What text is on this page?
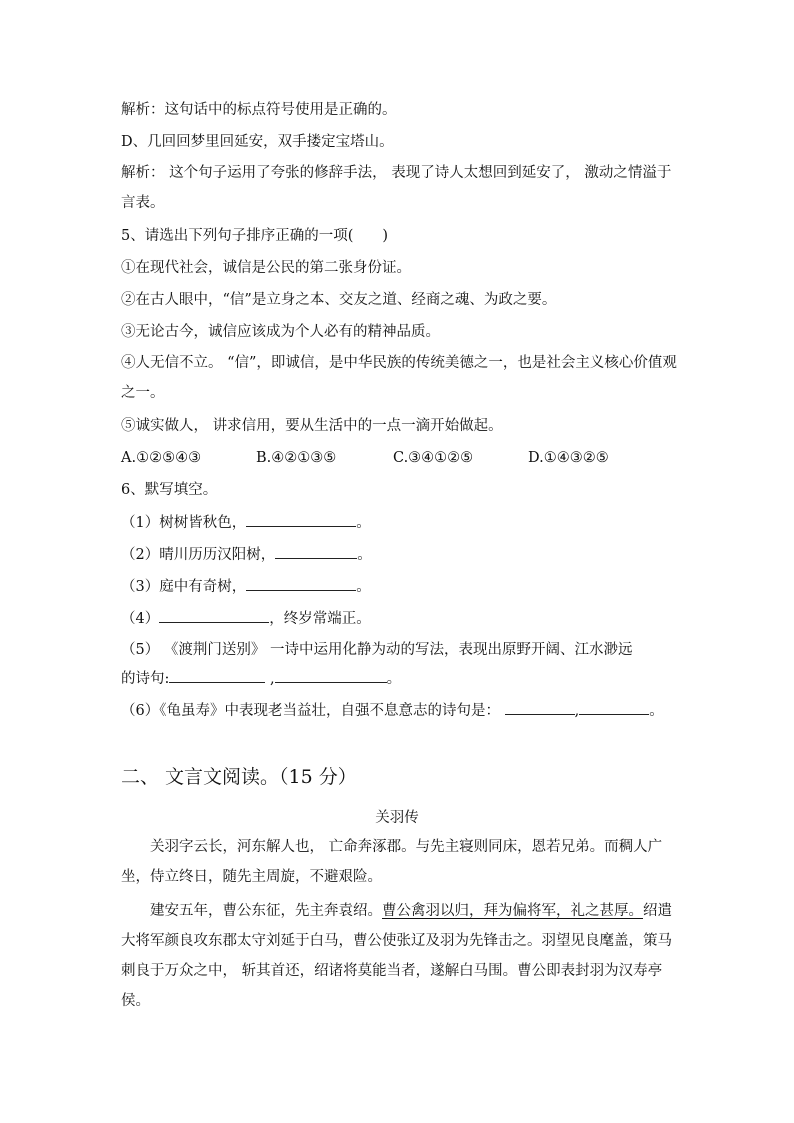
解析：这句话中的标点符号使用是正确的。
D、几回回梦里回延安，双手搂定宝塔山。
解析： 这个句子运用了夸张的修辞手法， 表现了诗人太想回到延安了， 激动之情溢于言表。
5、请选出下列句子排序正确的一项(　　)
①在现代社会，诚信是公民的第二张身份证。
②在古人眼中，“信”是立身之本、交友之道、经商之魂、为政之要。
③无论古今，诚信应该成为个人必有的精神品质。
④人无信不立。 “信”，即诚信，是中华民族的传统美德之一，也是社会主义核心价值观之一。
⑤诚实做人， 讲求信用，要从生活中的一点一滴开始做起。
A.①②⑤④③	B.④②①③⑤	C.③④①②⑤	D.①④③②⑤
6、默写填空。
（1）树树皆秋色，	。
（2）晴川历历汉阳树，	。
（3）庭中有奇树，	。
（4）	，终岁常端正。
（5） 《渡荆门送别》 一诗中运用化静为动的写法，表现出原野开阔、江水渺远
的诗句:	,	。
（6）《龟虽寿》中表现老当益壮，自强不息意志的诗句是：	,	。
二、 文言文阅读。（15 分）
关羽传
关羽字云长，河东解人也， 亡命奔涿郡。与先主寝则同床，恩若兄弟。而稠人广坐，侍立终日，随先主周旋，不避艰险。
建安五年，曹公东征，先主奔袁绍。曹公禽羽以归，拜为偏将军，礼之甚厚。绍遣大将军颜良攻东郡太守刘延于白马，曹公使张辽及羽为先锋击之。羽望见良麾盖，策马刺良于万众之中， 斩其首还，绍诸将莫能当者，遂解白马围。曹公即表封羽为汉寿亭侯。
